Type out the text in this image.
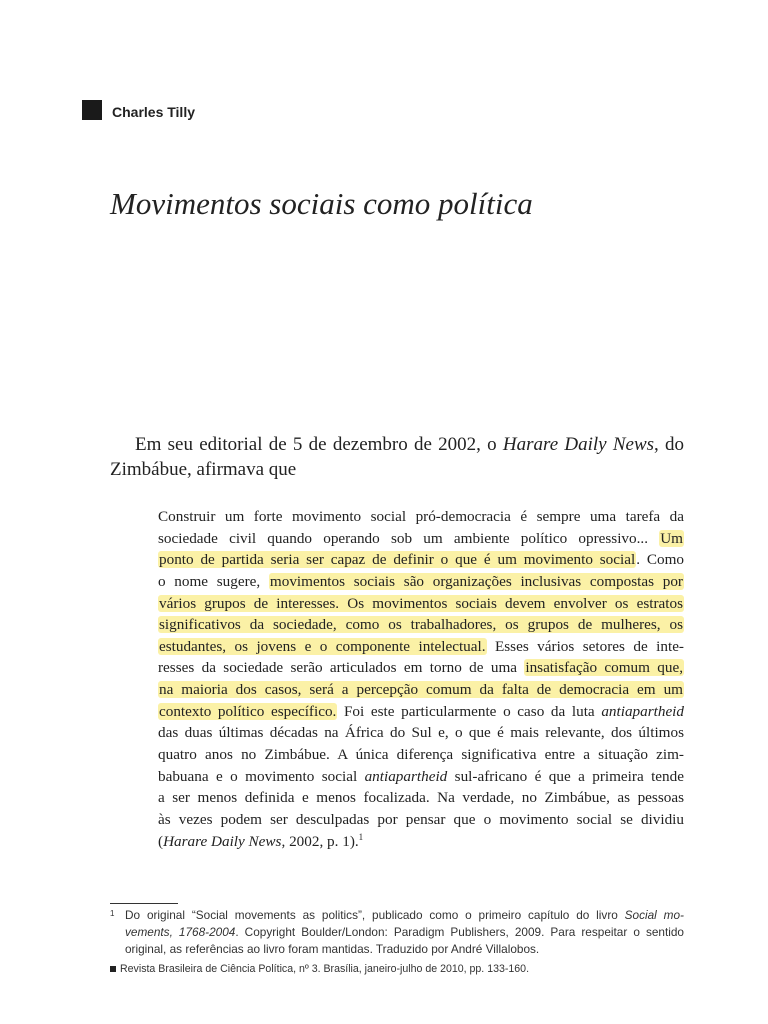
Charles Tilly
Movimentos sociais como política
Em seu editorial de 5 de dezembro de 2002, o Harare Daily News, do
Zimbábue, afirmava que
Construir um forte movimento social pró-democracia é sempre uma tarefa da
sociedade civil quando operando sob um ambiente político opressivo... Um
ponto de partida seria ser capaz de definir o que é um movimento social. Como
o nome sugere, movimentos sociais são organizações inclusivas compostas por
vários grupos de interesses. Os movimentos sociais devem envolver os estratos
significativos da sociedade, como os trabalhadores, os grupos de mulheres, os
estudantes, os jovens e o componente intelectual. Esses vários setores de inte-
resses da sociedade serão articulados em torno de uma insatisfação comum que,
na maioria dos casos, será a percepção comum da falta de democracia em um
contexto político específico. Foi este particularmente o caso da luta antiapartheid
das duas últimas décadas na África do Sul e, o que é mais relevante, dos últimos
quatro anos no Zimbábue. A única diferença significativa entre a situação zim-
babuana e o movimento social antiapartheid sul-africano é que a primeira tende
a ser menos definida e menos focalizada. Na verdade, no Zimbábue, as pessoas
às vezes podem ser desculpadas por pensar que o movimento social se dividiu
(Harare Daily News, 2002, p. 1).$^1$
1 Do original “Social movements as politics”, publicado como o primeiro capítulo do livro Social mo-
vements, 1768-2004. Copyright Boulder/London: Paradigm Publishers, 2009. Para respeitar o sentido
original, as referências ao livro foram mantidas. Traduzido por André Villalobos.
Revista Brasileira de Ciência Política, nº 3. Brasília, janeiro-julho de 2010, pp. 133-160.
